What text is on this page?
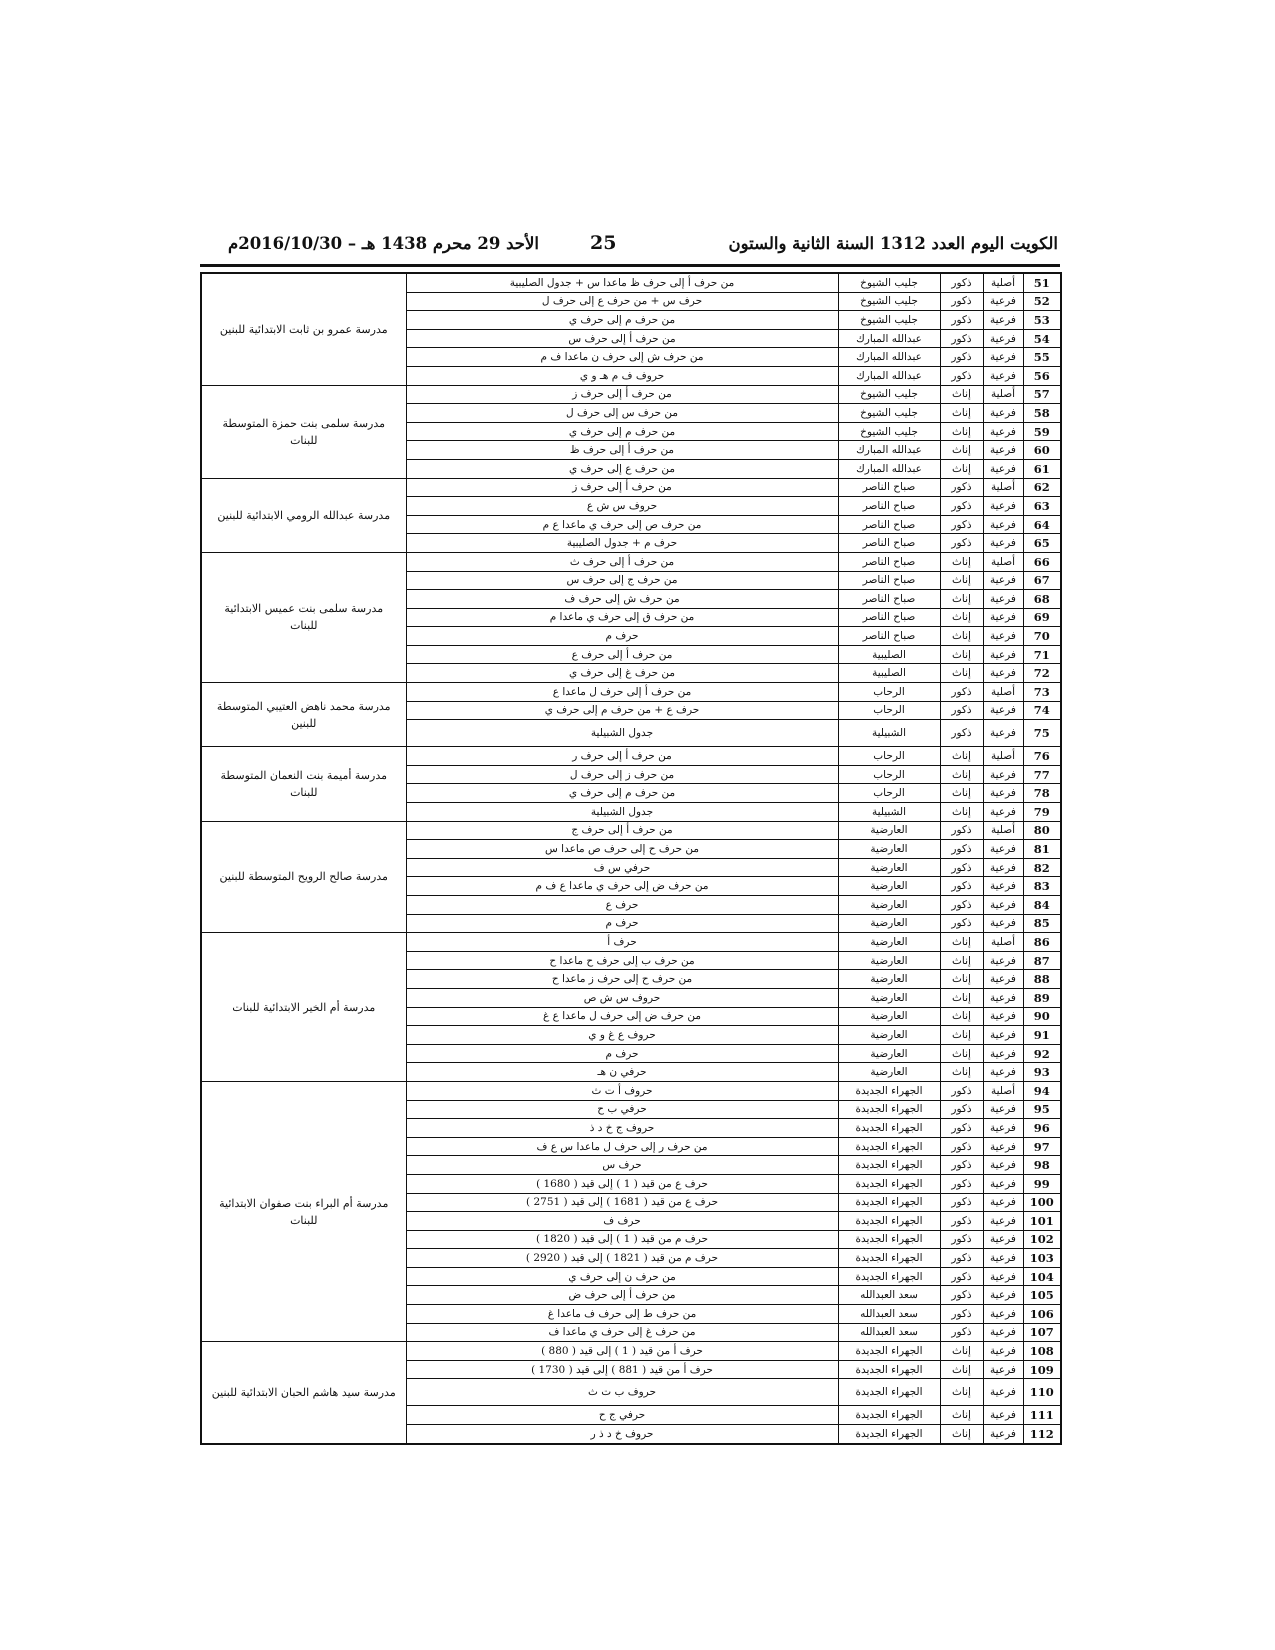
الكويت اليوم العدد 1312 السنة الثانية والستون
25
الأحد 29 محرم 1438 هـ – 2016/10/30م
51	أصلية	ذكور	جليب الشيوخ	من حرف أ إلى حرف ظ ماعدا س + جدول الصليبية	مدرسة عمرو بن ثابت الابتدائية للبنين
52	فرعية	ذكور	جليب الشيوخ	حرف س + من حرف ع إلى حرف ل	
53	فرعية	ذكور	جليب الشيوخ	من حرف م إلى حرف ي	
54	فرعية	ذكور	عبدالله المبارك	من حرف أ إلى حرف س	
55	فرعية	ذكور	عبدالله المبارك	من حرف ش إلى حرف ن ماعدا ف م	
56	فرعية	ذكور	عبدالله المبارك	حروف ف م هـ و ي	
57	أصلية	إناث	جليب الشيوخ	من حرف أ إلى حرف ز	مدرسة سلمى بنت حمزة المتوسطة للبنات
58	فرعية	إناث	جليب الشيوخ	من حرف س إلى حرف ل	
59	فرعية	إناث	جليب الشيوخ	من حرف م إلى حرف ي	
60	فرعية	إناث	عبدالله المبارك	من حرف أ إلى حرف ظ	
61	فرعية	إناث	عبدالله المبارك	من حرف ع إلى حرف ي	
62	أصلية	ذكور	صباح الناصر	من حرف أ إلى حرف ز	مدرسة عبدالله الرومي الابتدائية للبنين
63	فرعية	ذكور	صباح الناصر	حروف س ش ع	
64	فرعية	ذكور	صباح الناصر	من حرف ص إلى حرف ي ماعدا ع م	
65	فرعية	ذكور	صباح الناصر	حرف م + جدول الصليبية	
66	أصلية	إناث	صباح الناصر	من حرف أ إلى حرف ث	مدرسة سلمى بنت عميس الابتدائية للبنات
67	فرعية	إناث	صباح الناصر	من حرف ج إلى حرف س	
68	فرعية	إناث	صباح الناصر	من حرف ش إلى حرف ف	
69	فرعية	إناث	صباح الناصر	من حرف ق إلى حرف ي ماعدا م	
70	فرعية	إناث	صباح الناصر	حرف م	
71	فرعية	إناث	الصليبية	من حرف أ إلى حرف ع	
72	فرعية	إناث	الصليبية	من حرف غ إلى حرف ي	
73	أصلية	ذكور	الرحاب	من حرف أ إلى حرف ل ماعدا ع	مدرسة محمد ناهض العتيبي المتوسطة للبنين
74	فرعية	ذكور	الرحاب	حرف ع + من حرف م إلى حرف ي	
75	فرعية	ذكور	الشبيلية	جدول الشبيلية	
76	أصلية	إناث	الرحاب	من حرف أ إلى حرف ر	مدرسة أميمة بنت النعمان المتوسطة للبنات
77	فرعية	إناث	الرحاب	من حرف ز إلى حرف ل	
78	فرعية	إناث	الرحاب	من حرف م إلى حرف ي	
79	فرعية	إناث	الشبيلية	جدول الشبيلية	
80	أصلية	ذكور	العارضية	من حرف أ إلى حرف ج	مدرسة صالح الرويح المتوسطة للبنين
81	فرعية	ذكور	العارضية	من حرف ح إلى حرف ص ماعدا س	
82	فرعية	ذكور	العارضية	حرفي س ف	
83	فرعية	ذكور	العارضية	من حرف ض إلى حرف ي ماعدا ع ف م	
84	فرعية	ذكور	العارضية	حرف ع	
85	فرعية	ذكور	العارضية	حرف م	
86	أصلية	إناث	العارضية	حرف أ	مدرسة أم الخير الابتدائية للبنات
87	فرعية	إناث	العارضية	من حرف ب إلى حرف ح ماعدا ح	
88	فرعية	إناث	العارضية	من حرف ح إلى حرف ز ماعدا ح	
89	فرعية	إناث	العارضية	حروف س ش ص	
90	فرعية	إناث	العارضية	من حرف ض إلى حرف ل ماعدا ع غ	
91	فرعية	إناث	العارضية	حروف ع غ و ي	
92	فرعية	إناث	العارضية	حرف م	
93	فرعية	إناث	العارضية	حرفي ن هـ	
94	أصلية	ذكور	الجهراء الجديدة	حروف أ ت ث	مدرسة أم البراء بنت صفوان الابتدائية للبنات
95	فرعية	ذكور	الجهراء الجديدة	حرفي ب ح	
96	فرعية	ذكور	الجهراء الجديدة	حروف ج خ د ذ	
97	فرعية	ذكور	الجهراء الجديدة	من حرف ر إلى حرف ل ماعدا س ع ف	
98	فرعية	ذكور	الجهراء الجديدة	حرف س	
99	فرعية	ذكور	الجهراء الجديدة	حرف ع من قيد ( 1 ) إلى قيد ( 1680 )	
100	فرعية	ذكور	الجهراء الجديدة	حرف ع من قيد ( 1681 ) إلى قيد ( 2751 )	
101	فرعية	ذكور	الجهراء الجديدة	حرف ف	
102	فرعية	ذكور	الجهراء الجديدة	حرف م من قيد ( 1 ) إلى قيد ( 1820 )	
103	فرعية	ذكور	الجهراء الجديدة	حرف م من قيد ( 1821 ) إلى قيد ( 2920 )	
104	فرعية	ذكور	الجهراء الجديدة	من حرف ن إلى حرف ي	
105	فرعية	ذكور	سعد العبدالله	من حرف أ إلى حرف ض	
106	فرعية	ذكور	سعد العبدالله	من حرف ط إلى حرف ف ماعدا غ	
107	فرعية	ذكور	سعد العبدالله	من حرف غ إلى حرف ي ماعدا ف	
108	فرعية	إناث	الجهراء الجديدة	حرف أ من قيد ( 1 ) إلى قيد ( 880 )	مدرسة سيد هاشم الحبان الابتدائية للبنين
109	فرعية	إناث	الجهراء الجديدة	حرف أ من قيد ( 881 ) إلى قيد ( 1730 )	
110	فرعية	إناث	الجهراء الجديدة	حروف ب ت ث	
111	فرعية	إناث	الجهراء الجديدة	حرفي ج ح	
112	فرعية	إناث	الجهراء الجديدة	حروف خ د ذ ر	
